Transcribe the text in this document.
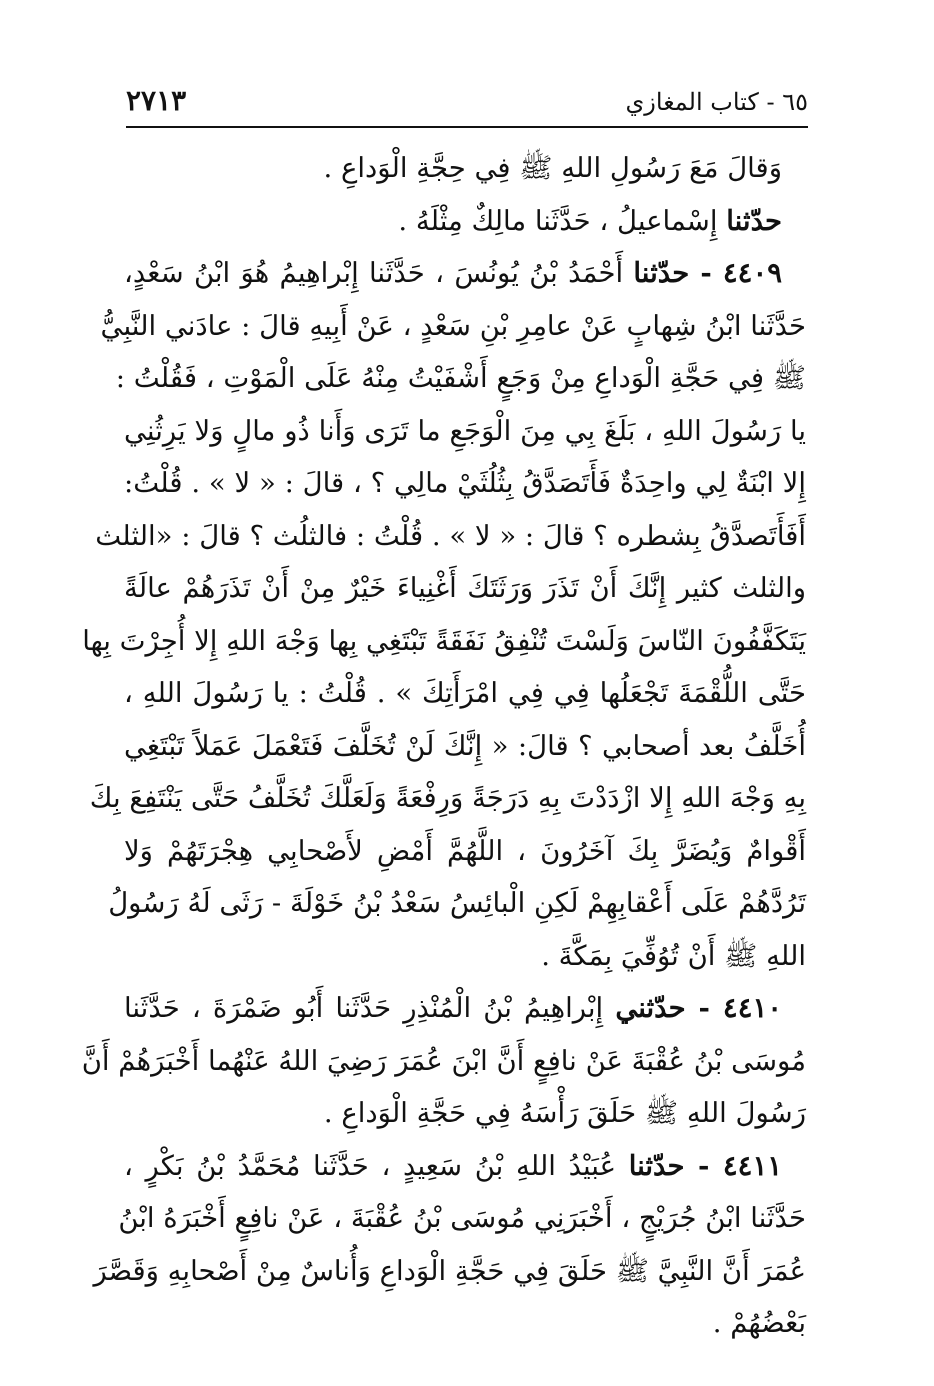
٦٥ - كتاب المغازي
٢٧١٣
وَقالَ مَعَ رَسُولِ اللهِ ﷺ فِي حِجَّةِ الْوَداعِ .
حدّثنا إِسْماعيلُ ، حَدَّثَنا مالِكٌ مِثْلَهُ .
٤٤٠٩ - حدّثنا أَحْمَدُ بْنُ يُونُسَ ، حَدَّثَنا إِبْراهِيمُ هُوَ ابْنُ سَعْدٍ،
حَدَّثَنا ابْنُ شِهابٍ عَنْ عامِرِ بْنِ سَعْدٍ ، عَنْ أَبِيهِ قالَ : عادَني النَّبِيُّ
ﷺ فِي حَجَّةِ الْوَداعِ مِنْ وَجَعٍ أَشْفَيْتُ مِنْهُ عَلَى الْمَوْتِ ، فَقُلْتُ :
يا رَسُولَ اللهِ ، بَلَغَ بِي مِنَ الْوَجَعِ ما تَرَى وَأَنا ذُو مالٍ وَلا يَرِثُنِي
إِلا ابْنَةٌ لِي واحِدَةٌ فَأَتَصَدَّقُ بِثُلُثَيْ مالِي ؟ ، قالَ : « لا » . قُلْتُ:
أَفَأَتَصدَّقُ بِشطره ؟ قالَ : « لا » . قُلْتُ : فالثلُث ؟ قالَ : «الثلث
والثلث كثير إِنَّكَ أَنْ تَذَرَ وَرَثَتَكَ أَغْنِياءَ خَيْرٌ مِنْ أَنْ تَذَرَهُمْ عالَةً
يَتَكَفَّفُونَ النّاسَ وَلَسْتَ تُنْفِقُ نَفَقَةً تَبْتَغِي بِها وَجْهَ اللهِ إِلا أُجِرْتَ بِها
حَتَّى اللُّقْمَةَ تَجْعَلُها فِي فِي امْرَأَتِكَ » . قُلْتُ : يا رَسُولَ اللهِ ،
أُخَلَّفُ بعد أصحابي ؟ قالَ: « إِنَّكَ لَنْ تُخَلَّفَ فَتَعْمَلَ عَمَلاً تَبْتَغِي
بِهِ وَجْهَ اللهِ إِلا ازْدَدْتَ بِهِ دَرَجَةً وَرِفْعَةً وَلَعَلَّكَ تُخَلَّفُ حَتَّى يَنْتَفِعَ بِكَ
أَقْوامٌ وَيُضَرَّ بِكَ آخَرُونَ ، اللَّهُمَّ أَمْضِ لأَصْحابِي هِجْرَتَهُمْ وَلا
تَرُدَّهُمْ عَلَى أَعْقابِهِمْ لَكِنِ الْبائِسُ سَعْدُ بْنُ خَوْلَةَ - رَثَى لَهُ رَسُولُ
اللهِ ﷺ أَنْ تُوُفِّيَ بِمَكَّةَ .
٤٤١٠ - حدّثني إِبْراهِيمُ بْنُ الْمُنْذِرِ حَدَّثَنا أَبُو ضَمْرَةَ ، حَدَّثَنا
مُوسَى بْنُ عُقْبَةَ عَنْ نافِعٍ أَنَّ ابْنَ عُمَرَ رَضِيَ اللهُ عَنْهُما أَخْبَرَهُمْ أَنَّ
رَسُولَ اللهِ ﷺ حَلَقَ رَأْسَهُ فِي حَجَّةِ الْوَداعِ .
٤٤١١ - حدّثنا عُبَيْدُ اللهِ بْنُ سَعِيدٍ ، حَدَّثَنا مُحَمَّدُ بْنُ بَكْرٍ ،
حَدَّثَنا ابْنُ جُرَيْجٍ ، أَخْبَرَنِي مُوسَى بْنُ عُقْبَةَ ، عَنْ نافِعٍ أَخْبَرَهُ ابْنُ
عُمَرَ أَنَّ النَّبِيَّ ﷺ حَلَقَ فِي حَجَّةِ الْوَداعِ وَأُناسٌ مِنْ أَصْحابِهِ وَقَصَّرَ
بَعْضُهُمْ .
